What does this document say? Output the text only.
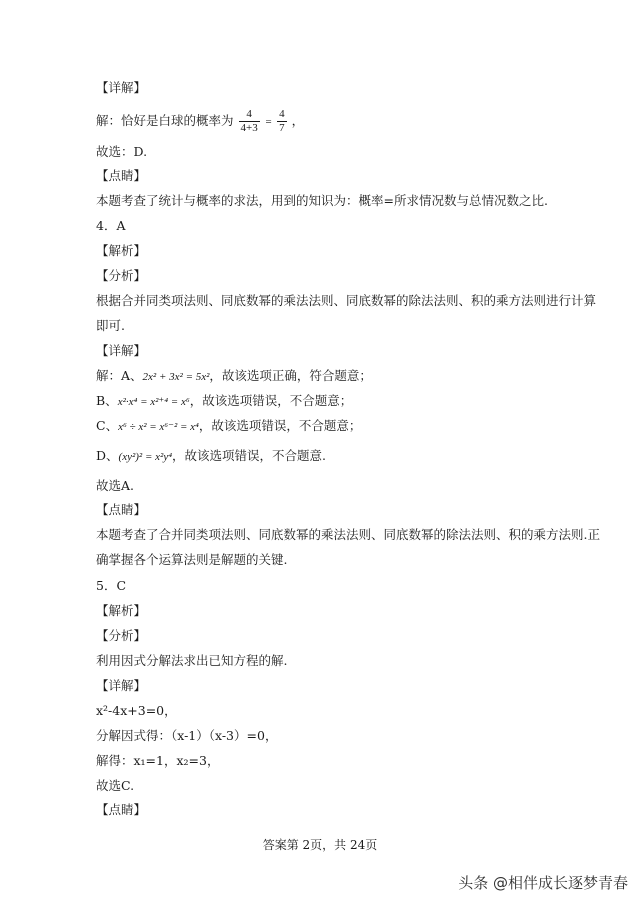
【详解】
解：恰好是白球的概率为 $\frac{4}{4+3} = \frac{4}{7}$ ，
故选：D.
【点睛】
本题考查了统计与概率的求法，用到的知识为：概率=所求情况数与总情况数之比.
4．A
【解析】
【分析】
根据合并同类项法则、同底数幂的乘法法则、同底数幂的除法法则、积的乘方法则进行计算
即可.
【详解】
解：A、2x² + 3x² = 5x²，故该选项正确，符合题意；
B、x²·x⁴ = x²⁺⁴ = x⁶，故该选项错误，不合题意；
C、x⁶ ÷ x² = x⁶⁻² = x⁴，故该选项错误，不合题意；
D、(xy²)² = x²y⁴，故该选项错误，不合题意.
故选A.
【点睛】
本题考查了合并同类项法则、同底数幂的乘法法则、同底数幂的除法法则、积的乘方法则.正
确掌握各个运算法则是解题的关键.
5．C
【解析】
【分析】
利用因式分解法求出已知方程的解.
【详解】
x²-4x+3=0，
分解因式得：（x-1）（x-3）=0，
解得：x₁=1，x₂=3，
故选C.
【点睛】
答案第 2页，共 24页
头条 @相伴成长逐梦青春
